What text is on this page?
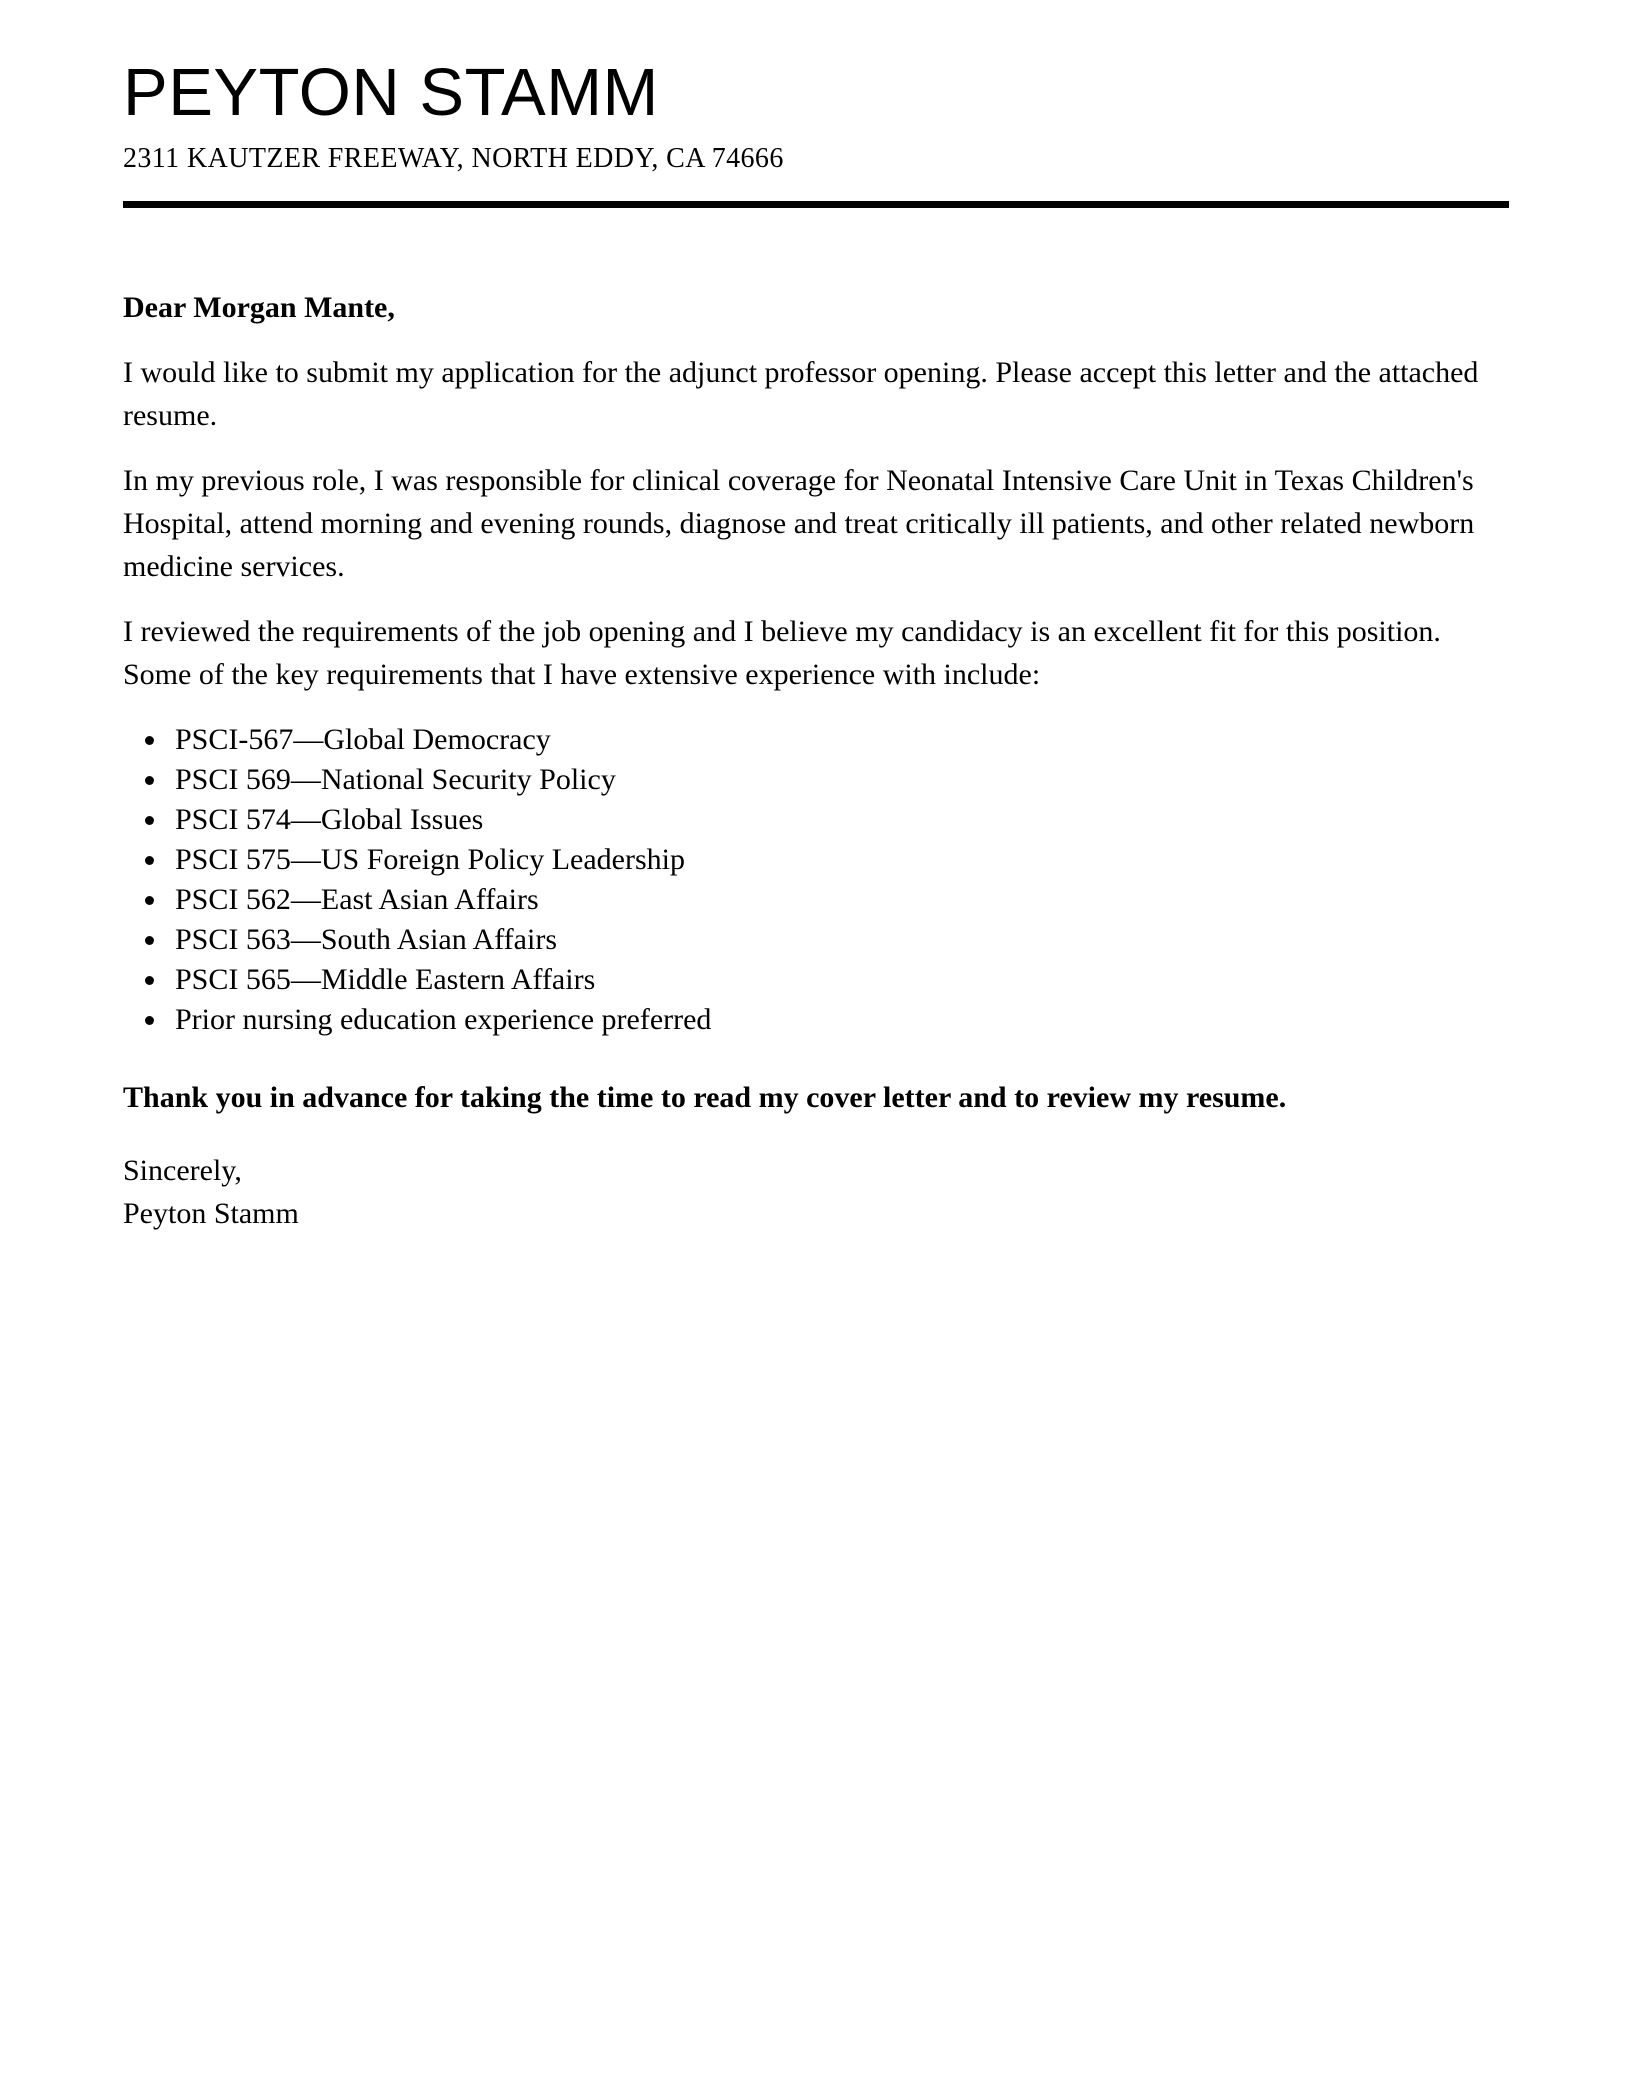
PEYTON STAMM
2311 KAUTZER FREEWAY, NORTH EDDY, CA 74666

Dear Morgan Mante,

I would like to submit my application for the adjunct professor opening. Please accept this letter and the attached resume.

In my previous role, I was responsible for clinical coverage for Neonatal Intensive Care Unit in Texas Children's Hospital, attend morning and evening rounds, diagnose and treat critically ill patients, and other related newborn medicine services.

I reviewed the requirements of the job opening and I believe my candidacy is an excellent fit for this position. Some of the key requirements that I have extensive experience with include:

• PSCI-567—Global Democracy
• PSCI 569—National Security Policy
• PSCI 574—Global Issues
• PSCI 575—US Foreign Policy Leadership
• PSCI 562—East Asian Affairs
• PSCI 563—South Asian Affairs
• PSCI 565—Middle Eastern Affairs
• Prior nursing education experience preferred

Thank you in advance for taking the time to read my cover letter and to review my resume.

Sincerely,
Peyton Stamm
